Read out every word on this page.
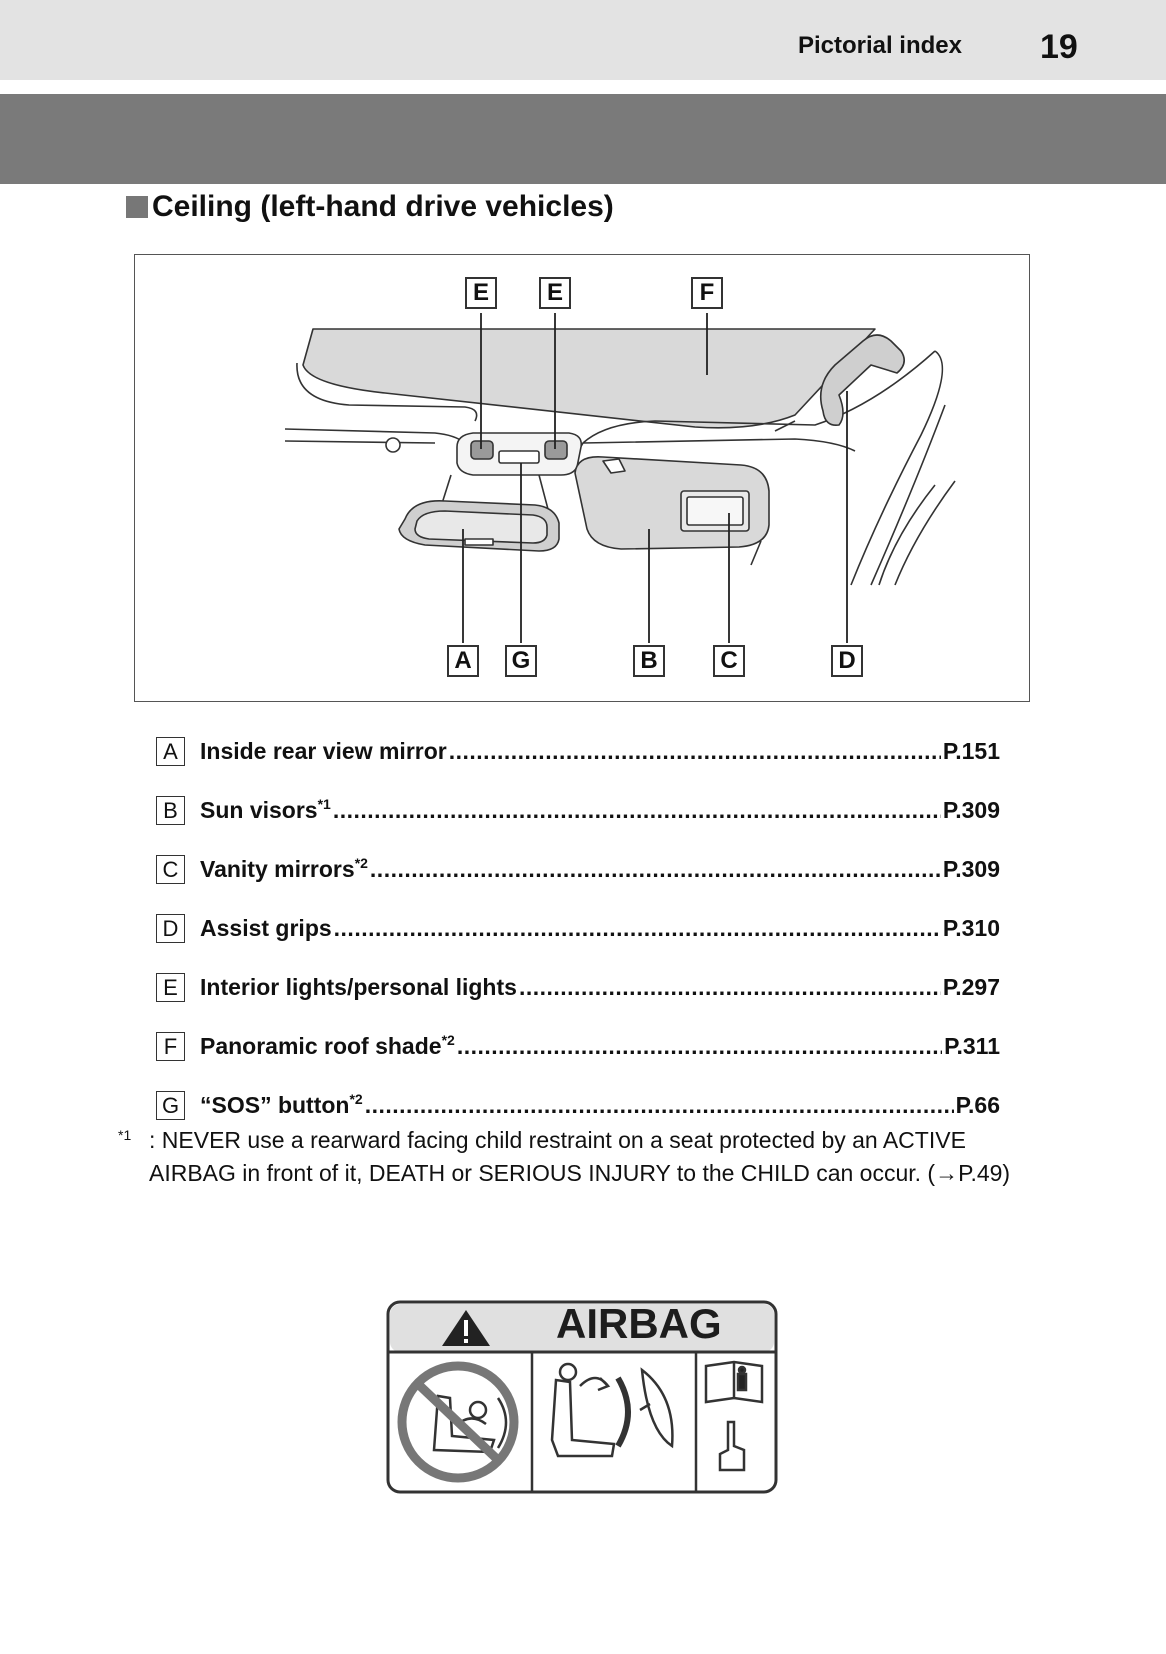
Pictorial index 19
Ceiling (left-hand drive vehicles)
E	E	F
A	G	B	C	D
A Inside rear view mirror .....	P.151
B Sun visors$^{*1}$ .....	P.309
C Vanity mirrors$^{*2}$ .....	P.309
D Assist grips .....	P.310
E Interior lights/personal lights .....	P.297
F Panoramic roof shade$^{*2}$ .....	P.311
G “SOS” button$^{*2}$ .....	P.66
$^{*1}$ : NEVER use a rearward facing child restraint on a seat protected by an ACTIVE AIRBAG in front of it, DEATH or SERIOUS INJURY to the CHILD can occur. (→P.49)
AIRBAG
